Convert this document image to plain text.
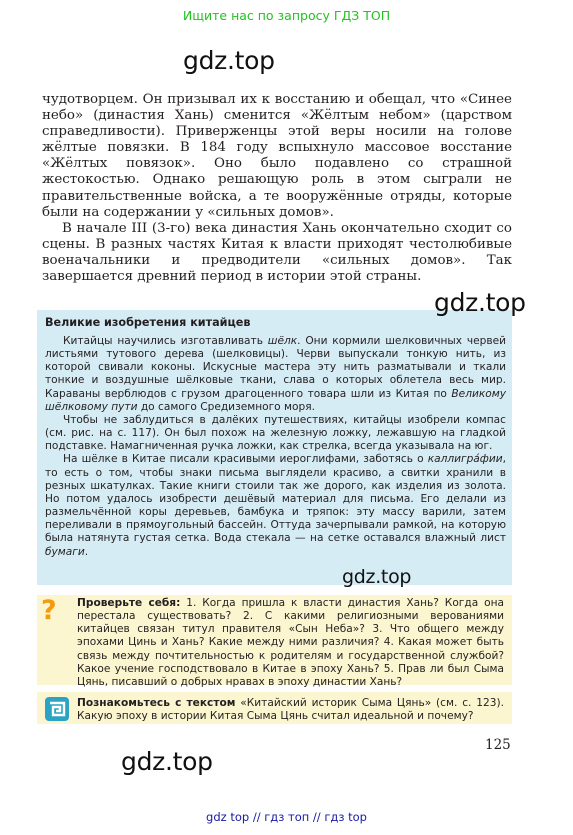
Ищите нас по запросу ГДЗ ТОП

чудотворцем. Он призывал их к восстанию и обещал, что «Синее небо» (династия Хань) сменится «Жёлтым небом» (царством справедливости). Приверженцы этой веры носили на голове жёлтые повязки. В 184 году вспыхнуло массовое восстание «Жёлтых повязок». Оно было подавлено со страшной жестокостью. Однако решающую роль в этом сыграли не правительственные войска, а те вооружённые отряды, которые были на содержании у «сильных домов».

В начале III (3-го) века династия Хань окончательно сходит со сцены. В разных частях Китая к власти приходят честолюбивые военачальники и предводители «сильных домов». Так завершается древний период в истории этой страны.

Великие изобретения китайцев

Китайцы научились изготавливать шёлк. Они кормили шелковичных червей листьями тутового дерева (шелковицы). Черви выпускали тонкую нить, из которой свивали коконы. Искусные мастера эту нить разматывали и ткали тонкие и воздушные шёлковые ткани, слава о которых облетела весь мир. Караваны верблюдов с грузом драгоценного товара шли из Китая по Великому шёлковому пути до самого Средиземного моря.

Чтобы не заблудиться в далёких путешествиях, китайцы изобрели компас (см. рис. на с. 117). Он был похож на железную ложку, лежавшую на гладкой подставке. Намагниченная ручка ложки, как стрелка, всегда указывала на юг.

На шёлке в Китае писали красивыми иероглифами, заботясь о каллигра́фии, то есть о том, чтобы знаки письма выглядели красиво, а свитки хранили в резных шкатулках. Такие книги стоили так же дорого, как изделия из золота. Но потом удалось изобрести дешёвый материал для письма. Его делали из размельчённой коры деревьев, бамбука и тряпок: эту массу варили, затем переливали в прямоугольный бассейн. Оттуда зачерпывали рамкой, на которую была натянута густая сетка. Вода стекала — на сетке оставался влажный лист бумаги.

? Проверьте себя: 1. Когда пришла к власти династия Хань? Когда она перестала существовать? 2. С какими религиозными верованиями китайцев связан титул правителя «Сын Неба»? 3. Что общего между эпохами Цинь и Хань? Какие между ними различия? 4. Какая может быть связь между почтительностью к родителям и государственной службой? Какое учение господствовало в Китае в эпоху Хань? 5. Прав ли был Сыма Цянь, писавший о добрых нравах в эпоху династии Хань?
Познакомьтесь с текстом «Китайский историк Сыма Цянь» (см. с. 123). Какую эпоху в истории Китая Сыма Цянь считал идеальной и почему?
125
gdz.top
gdz.top
gdz.top
gdz.top
gdz top // гдз топ // гдз top
